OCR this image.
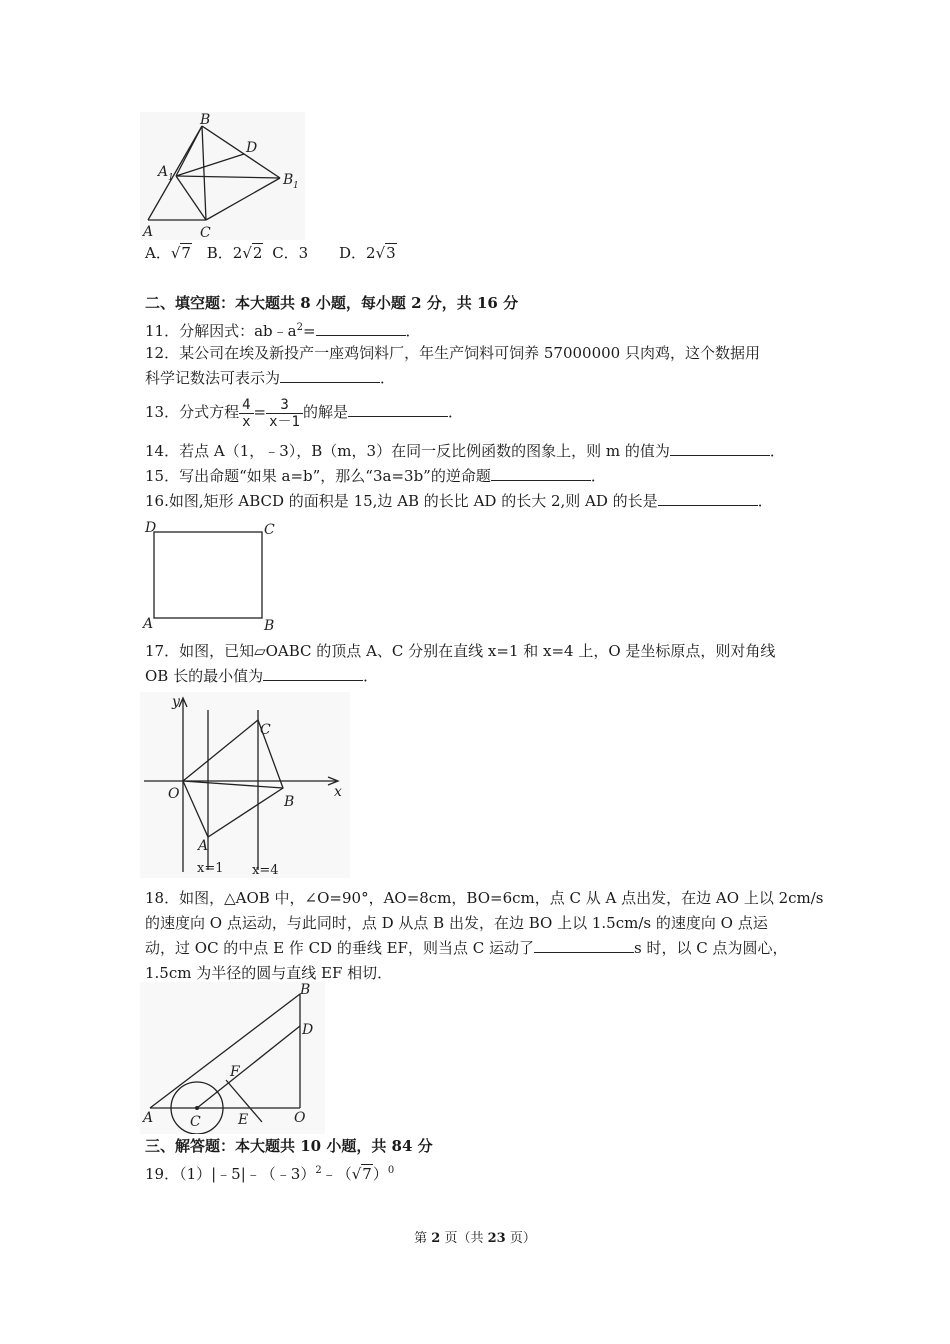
B
D
A 1	B 1
A	C
A．√7 B．2√2 C．3 D．2√3
二、填空题：本大题共 8 小题，每小题 2 分，共 16 分
11．分解因式：$ab﹣a^2=$	．
12．某公司在埃及新投产一座鸡饲料厂，年生产饲料可饲养 57000000 只肉鸡，这个数据用
科学记数法可表示为	．
13．分式方程 $\frac{4}{x} = \frac{3}{x-1}$ 的解是	．
14．若点 A（1，﹣3），B（m，3）在同一反比例函数的图象上，则 m 的值为	．
15．写出命题“如果 a=b”，那么“3a=3b”的逆命题	．
16.如图,矩形 ABCD 的面积是 15,边 AB 的长比 AD 的长大 2,则 AD 的长是	．
D	C
A	B
17．如图，已知▱OABC 的顶点 A、C 分别在直线 x=1 和 x=4 上，O 是坐标原点，则对角线
OB 长的最小值为	．
y
x
O
C
B
A
x=1 x=4
18．如图，△AOB 中，∠O=90°，AO=8cm，BO=6cm，点 C 从 A 点出发，在边 AO 上以 2cm/s
的速度向 O 点运动，与此同时，点 D 从点 B 出发，在边 BO 上以 1.5cm/s 的速度向 O 点运
动，过 OC 的中点 E 作 CD 的垂线 EF，则当点 C 运动了	s 时，以 C 点为圆心，
1.5cm 为半径的圆与直线 EF 相切．
B
D
F
A	C	E	O
三、解答题：本大题共 10 小题，共 84 分
19．$(1)|﹣5|﹣(﹣3)^2﹣(√7)^0$
第 2 页（共 23 页）
